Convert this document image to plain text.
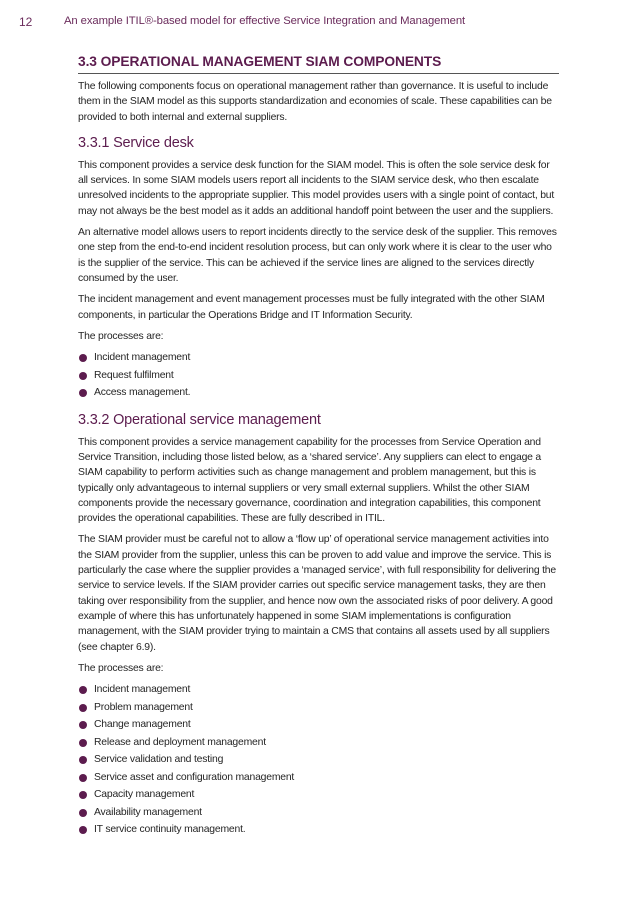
12	An example ITIL®-based model for effective Service Integration and Management
3.3 OPERATIONAL MANAGEMENT SIAM COMPONENTS

The following components focus on operational management rather than governance. It is useful to include them in the SIAM model as this supports standardization and economies of scale. These capabilities can be provided to both internal and external suppliers.

3.3.1 Service desk

This component provides a service desk function for the SIAM model. This is often the sole service desk for all services. In some SIAM models users report all incidents to the SIAM service desk, who then escalate unresolved incidents to the appropriate supplier. This model provides users with a single point of contact, but may not always be the best model as it adds an additional handoff point between the user and the suppliers.

An alternative model allows users to report incidents directly to the service desk of the supplier. This removes one step from the end-to-end incident resolution process, but can only work where it is clear to the user who is the supplier of the service. This can be achieved if the service lines are aligned to the services directly consumed by the user.

The incident management and event management processes must be fully integrated with the other SIAM components, in particular the Operations Bridge and IT Information Security.

The processes are:

Incident management
Request fulfilment
Access management.
3.3.2 Operational service management

This component provides a service management capability for the processes from Service Operation and Service Transition, including those listed below, as a ‘shared service’. Any suppliers can elect to engage a SIAM capability to perform activities such as change management and problem management, but this is typically only advantageous to internal suppliers or very small external suppliers. Whilst the other SIAM components provide the necessary governance, coordination and integration capabilities, this component provides the operational capabilities. These are fully described in ITIL.

The SIAM provider must be careful not to allow a ‘flow up’ of operational service management activities into the SIAM provider from the supplier, unless this can be proven to add value and improve the service. This is particularly the case where the supplier provides a ‘managed service’, with full responsibility for delivering the service to service levels. If the SIAM provider carries out specific service management tasks, they are then taking over responsibility from the supplier, and hence now own the associated risks of poor delivery. A good example of where this has unfortunately happened in some SIAM implementations is configuration management, with the SIAM provider trying to maintain a CMS that contains all assets used by all suppliers (see chapter 6.9).

The processes are:

Incident management
Problem management
Change management
Release and deployment management
Service validation and testing
Service asset and configuration management
Capacity management
Availability management
IT service continuity management.
